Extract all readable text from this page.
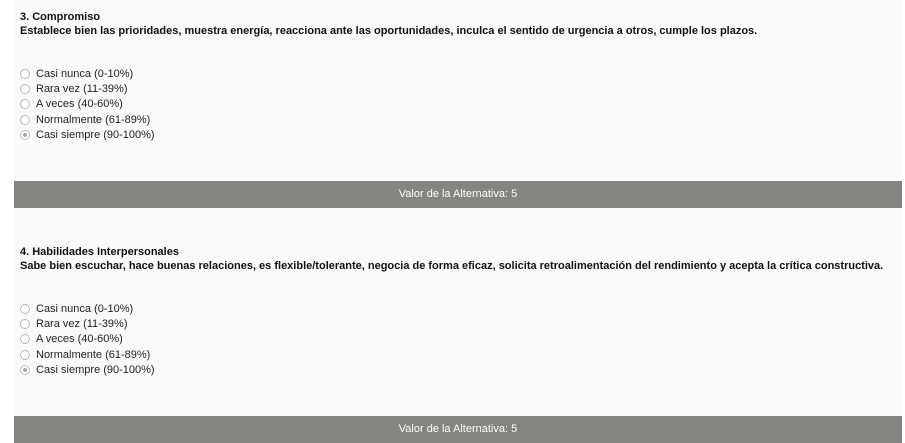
3. Compromiso

Establece bien las prioridades, muestra energía, reacciona ante las oportunidades, inculca el sentido de urgencia a otros, cumple los plazos.

Casi nunca (0-10%)
Rara vez (11-39%)
A veces (40-60%)
Normalmente (61-89%)
Casi siempre (90-100%)
Valor de la Alternativa: 5

4. Habilidades Interpersonales

Sabe bien escuchar, hace buenas relaciones, es flexible/tolerante, negocia de forma eficaz, solicita retroalimentación del rendimiento y acepta la crítica constructiva.

Casi nunca (0-10%)
Rara vez (11-39%)
A veces (40-60%)
Normalmente (61-89%)
Casi siempre (90-100%)
Valor de la Alternativa: 5
